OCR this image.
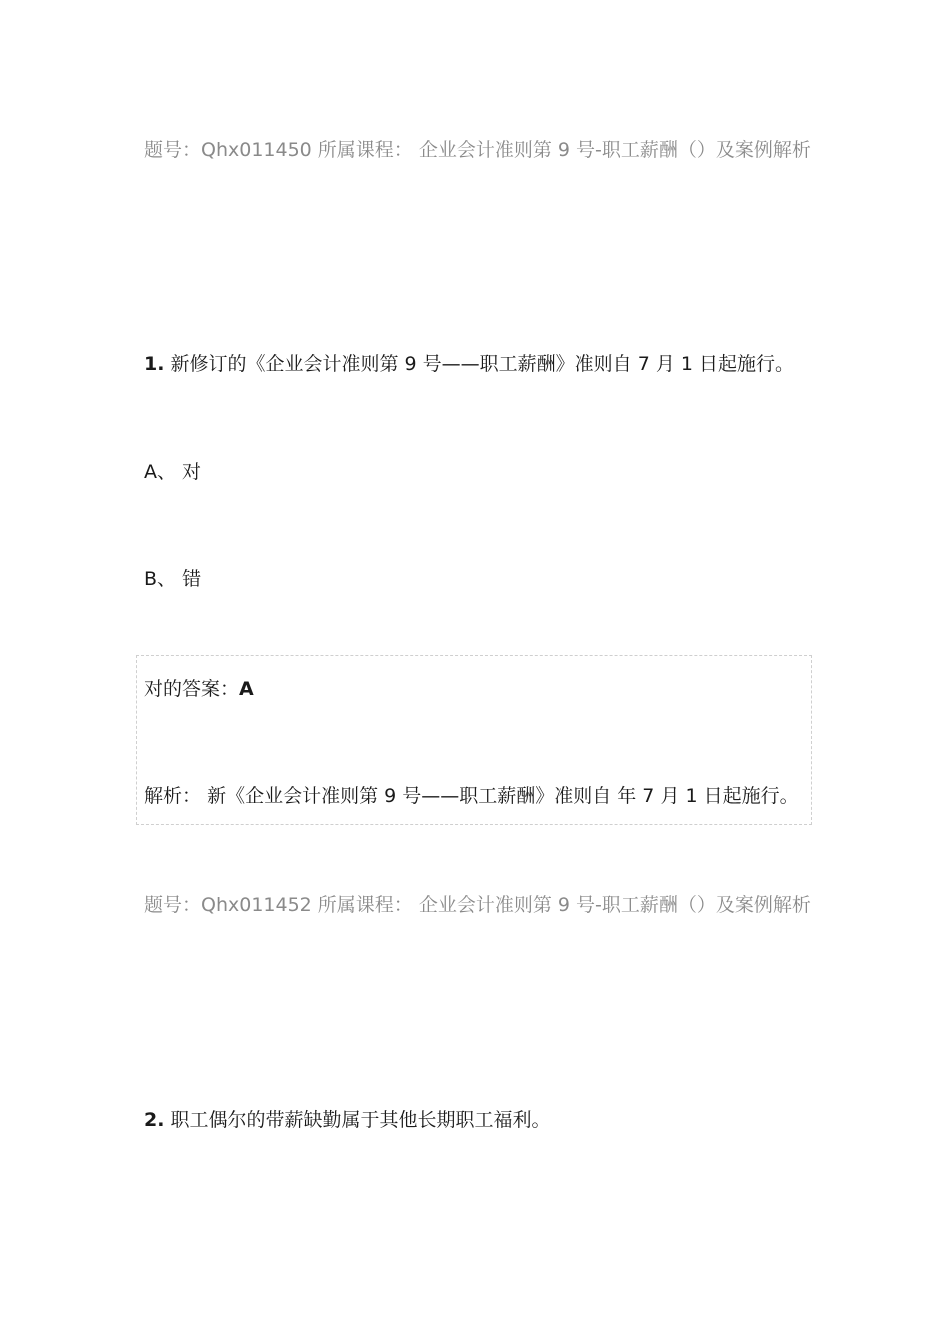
题号：Qhx011450 所属课程： 企业会计准则第 9 号-职工薪酬（）及案例解析
1. 新修订的《企业会计准则第 9 号——职工薪酬》准则自 7 月 1 日起施行。
A、 对
B、 错
对的答案：A
解析： 新《企业会计准则第 9 号——职工薪酬》准则自 年 7 月 1 日起施行。
题号：Qhx011452 所属课程： 企业会计准则第 9 号-职工薪酬（）及案例解析
2. 职工偶尔的带薪缺勤属于其他长期职工福利。
